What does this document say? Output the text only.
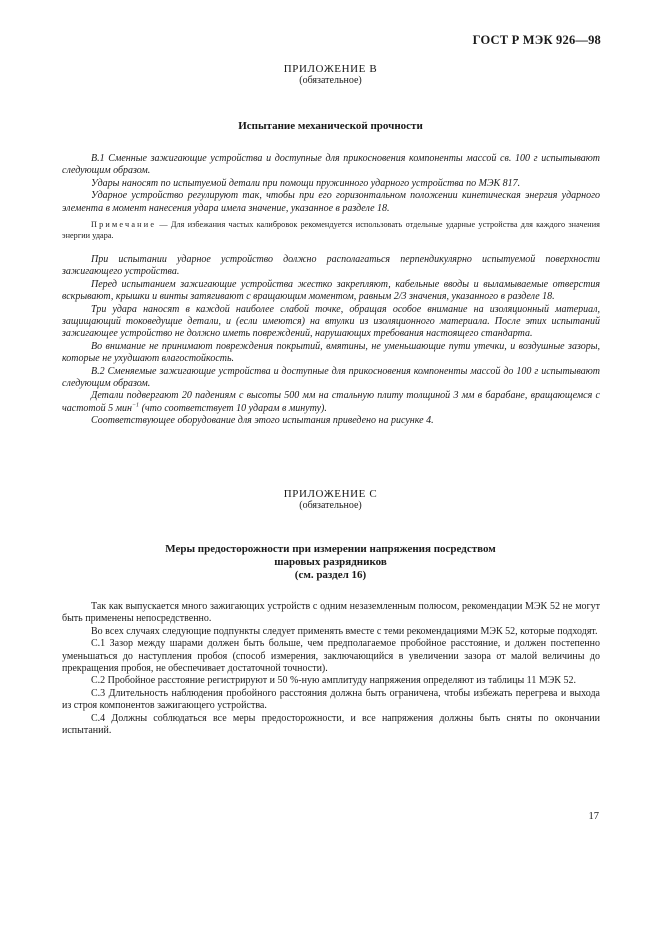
ГОСТ Р МЭК 926—98
ПРИЛОЖЕНИЕ В
(обязательное)
Испытание механической прочности

В.1 Сменные зажигающие устройства и доступные для прикосновения компоненты массой св. 100 г испытывают следующим образом.

Удары наносят по испытуемой детали при помощи пружинного ударного устройства по МЭК 817.

Ударное устройство регулируют так, чтобы при его горизонтальном положении кинетическая энергия ударного элемента в момент нанесения удара имела значение, указанное в разделе 18.

Примечание — Для избежания частых калибровок рекомендуется использовать отдельные ударные устройства для каждого значения энергии удара.

При испытании ударное устройство должно располагаться перпендикулярно испытуемой поверхности зажигающего устройства.

Перед испытанием зажигающие устройства жестко закрепляют, кабельные вводы и выламываемые отверстия вскрывают, крышки и винты затягивают с вращающим моментом, равным 2/3 значения, указанного в разделе 18.

Три удара наносят в каждой наиболее слабой точке, обращая особое внимание на изоляционный материал, защищающий токоведущие детали, и (если имеются) на втулки из изоляционного материала. После этих испытаний зажигающее устройство не должно иметь повреждений, нарушающих требования настоящего стандарта.

Во внимание не принимают повреждения покрытий, вмятины, не уменьшающие пути утечки, и воздушные зазоры, которые не ухудшают влагостойкость.

В.2 Сменяемые зажигающие устройства и доступные для прикосновения компоненты массой до 100 г испытывают следующим образом.

Детали подвергают 20 падениям с высоты 500 мм на стальную плиту толщиной 3 мм в барабане, вращающемся с частотой 5 мин$^{-1}$ (что соответствует 10 ударам в минуту).

Соответствующее оборудование для этого испытания приведено на рисунке 4.

ПРИЛОЖЕНИЕ С
(обязательное)
Меры предосторожности при измерении напряжения посредством
шаровых разрядников
(см. раздел 16)

Так как выпускается много зажигающих устройств с одним незаземленным полюсом, рекомендации МЭК 52 не могут быть применены непосредственно.

Во всех случаях следующие подпункты следует применять вместе с теми рекомендациями МЭК 52, которые подходят.

С.1 Зазор между шарами должен быть больше, чем предполагаемое пробойное расстояние, и должен постепенно уменьшаться до наступления пробоя (способ измерения, заключающийся в увеличении зазора от малой величины до прекращения пробоя, не обеспечивает достаточной точности).

С.2 Пробойное расстояние регистрируют и 50 %-ную амплитуду напряжения определяют из таблицы 11 МЭК 52.

С.3 Длительность наблюдения пробойного расстояния должна быть ограничена, чтобы избежать перегрева и выхода из строя компонентов зажигающего устройства.

С.4 Должны соблюдаться все меры предосторожности, и все напряжения должны быть сняты по окончании испытаний.

17
